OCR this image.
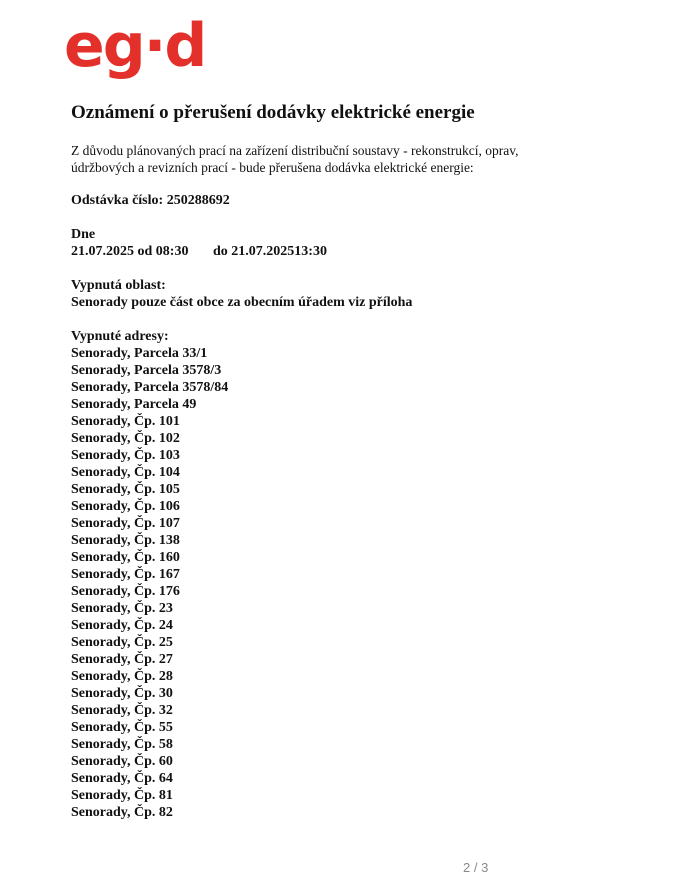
eg·d
Oznámení o přerušení dodávky elektrické energie
Z důvodu plánovaných prací na zařízení distribuční soustavy - rekonstrukcí, oprav,
údržbových a revizních prací - bude přerušena dodávka elektrické energie:
Odstávka číslo: 250288692
Dne
21.07.2025 od 08:30	do 21.07.2025 13:30
Vypnutá oblast:
Senorady pouze část obce za obecním úřadem viz příloha
Vypnuté adresy:
Senorady, Parcela 33/1
Senorady, Parcela 3578/3
Senorady, Parcela 3578/84
Senorady, Parcela 49
Senorady, Čp. 101
Senorady, Čp. 102
Senorady, Čp. 103
Senorady, Čp. 104
Senorady, Čp. 105
Senorady, Čp. 106
Senorady, Čp. 107
Senorady, Čp. 138
Senorady, Čp. 160
Senorady, Čp. 167
Senorady, Čp. 176
Senorady, Čp. 23
Senorady, Čp. 24
Senorady, Čp. 25
Senorady, Čp. 27
Senorady, Čp. 28
Senorady, Čp. 30
Senorady, Čp. 32
Senorady, Čp. 55
Senorady, Čp. 58
Senorady, Čp. 60
Senorady, Čp. 64
Senorady, Čp. 81
Senorady, Čp. 82
2 / 3
